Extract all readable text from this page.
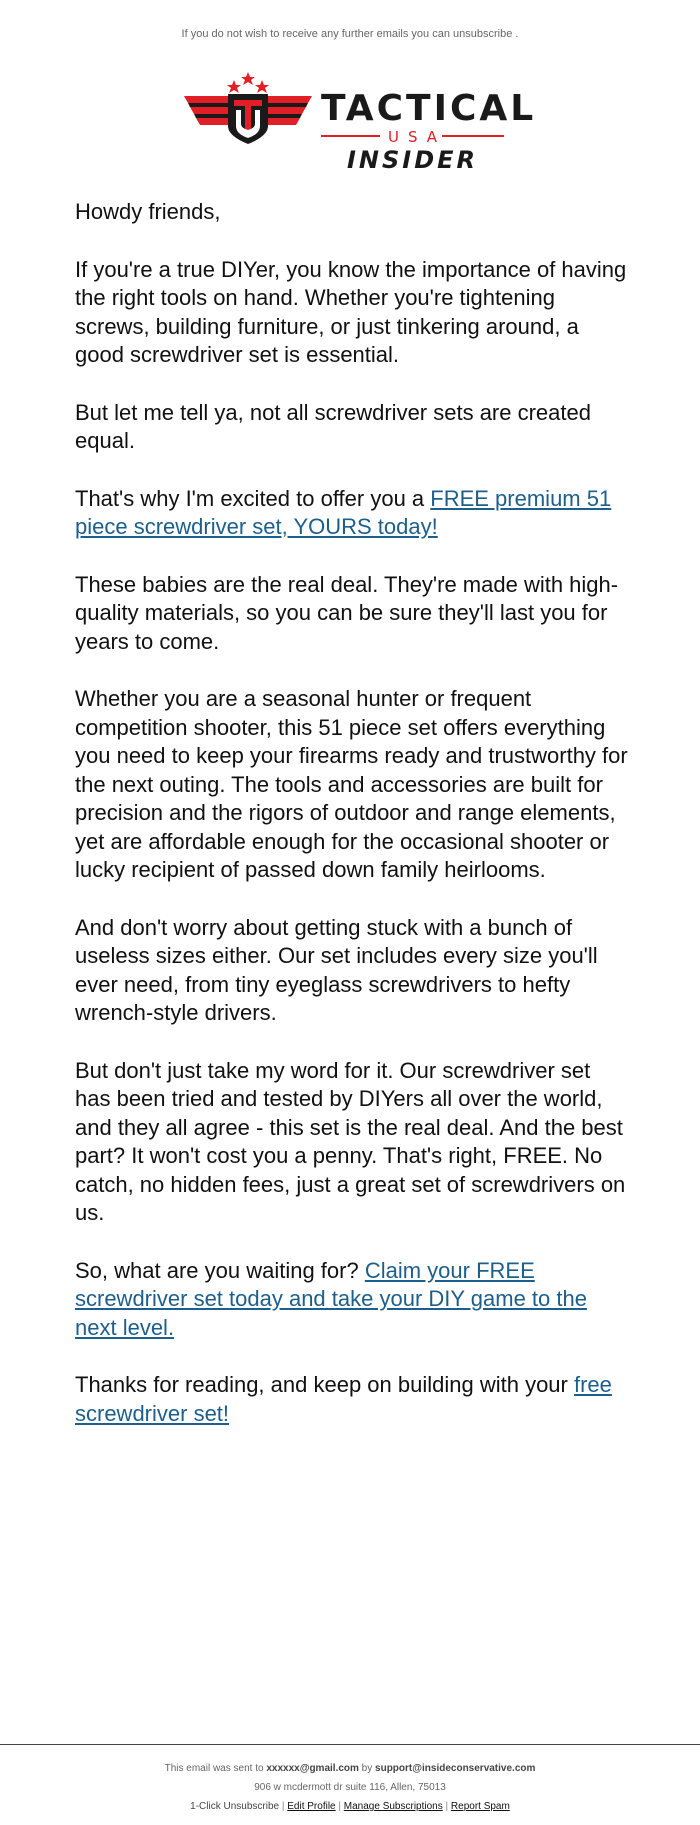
If you do not wish to receive any further emails you can unsubscribe .
TACTICAL
USA
INSIDER

Howdy friends,

If you're a true DIYer, you know the importance of having the right tools on hand. Whether you're tightening screws, building furniture, or just tinkering around, a good screwdriver set is essential.

But let me tell ya, not all screwdriver sets are created equal.

That's why I'm excited to offer you a FREE premium 51 piece screwdriver set, YOURS today!

These babies are the real deal. They're made with high-quality materials, so you can be sure they'll last you for years to come.

Whether you are a seasonal hunter or frequent competition shooter, this 51 piece set offers everything you need to keep your firearms ready and trustworthy for the next outing. The tools and accessories are built for precision and the rigors of outdoor and range elements, yet are affordable enough for the occasional shooter or lucky recipient of passed down family heirlooms.

And don't worry about getting stuck with a bunch of useless sizes either. Our set includes every size you'll ever need, from tiny eyeglass screwdrivers to hefty wrench-style drivers.

But don't just take my word for it. Our screwdriver set has been tried and tested by DIYers all over the world, and they all agree - this set is the real deal. And the best part? It won't cost you a penny. That's right, FREE. No catch, no hidden fees, just a great set of screwdrivers on us.

So, what are you waiting for? Claim your FREE screwdriver set today and take your DIY game to the next level.

Thanks for reading, and keep on building with your free screwdriver set!

This email was sent to xxxxxx@gmail.com by support@insideconservative.com
906 w mcdermott dr suite 116, Allen, 75013
1-Click Unsubscribe | Edit Profile | Manage Subscriptions | Report Spam
